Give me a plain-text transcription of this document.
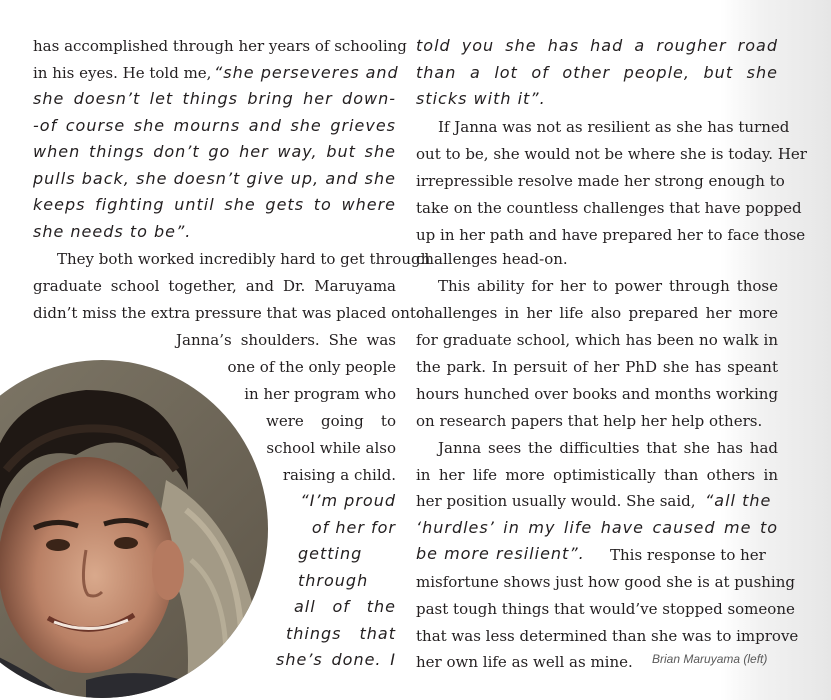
has accomplished through her years of schooling

in his eyes. He told me, “she perseveres and

she doesn’t let things bring her down-

-of course she mourns and she grieves

when things don’t go her way, but she

pulls back, she doesn’t give up, and she

keeps fighting until she gets to where

she needs to be”.

They both worked incredibly hard to get through

graduate school together, and Dr. Maruyama

didn’t miss the extra pressure that was placed onto

Janna’s shoulders. She was

one of the only people

in her program who

were going to

school while also

raising a child.

“I’m proud

of her for

getting

through

all of the

things that

she’s done. I

told you she has had a rougher road

than a lot of other people, but she

sticks with it”.

If Janna was not as resilient as she has turned

out to be, she would not be where she is today. Her

irrepressible resolve made her strong enough to

take on the countless challenges that have popped

up in her path and have prepared her to face those

challenges head-on.

This ability for her to power through those

challenges in her life also prepared her more

for graduate school, which has been no walk in

the park. In persuit of her PhD she has speant

hours hunched over books and months working

on research papers that help her help others.

Janna sees the difficulties that she has had

in her life more optimistically than others in

her position usually would. She said, “all the

‘hurdles’ in my life have caused me to

be more resilient”. This response to her

misfortune shows just how good she is at pushing

past tough things that would’ve stopped someone

that was less determined than she was to improve

her own life as well as mine. Brian Maruyama (left)
